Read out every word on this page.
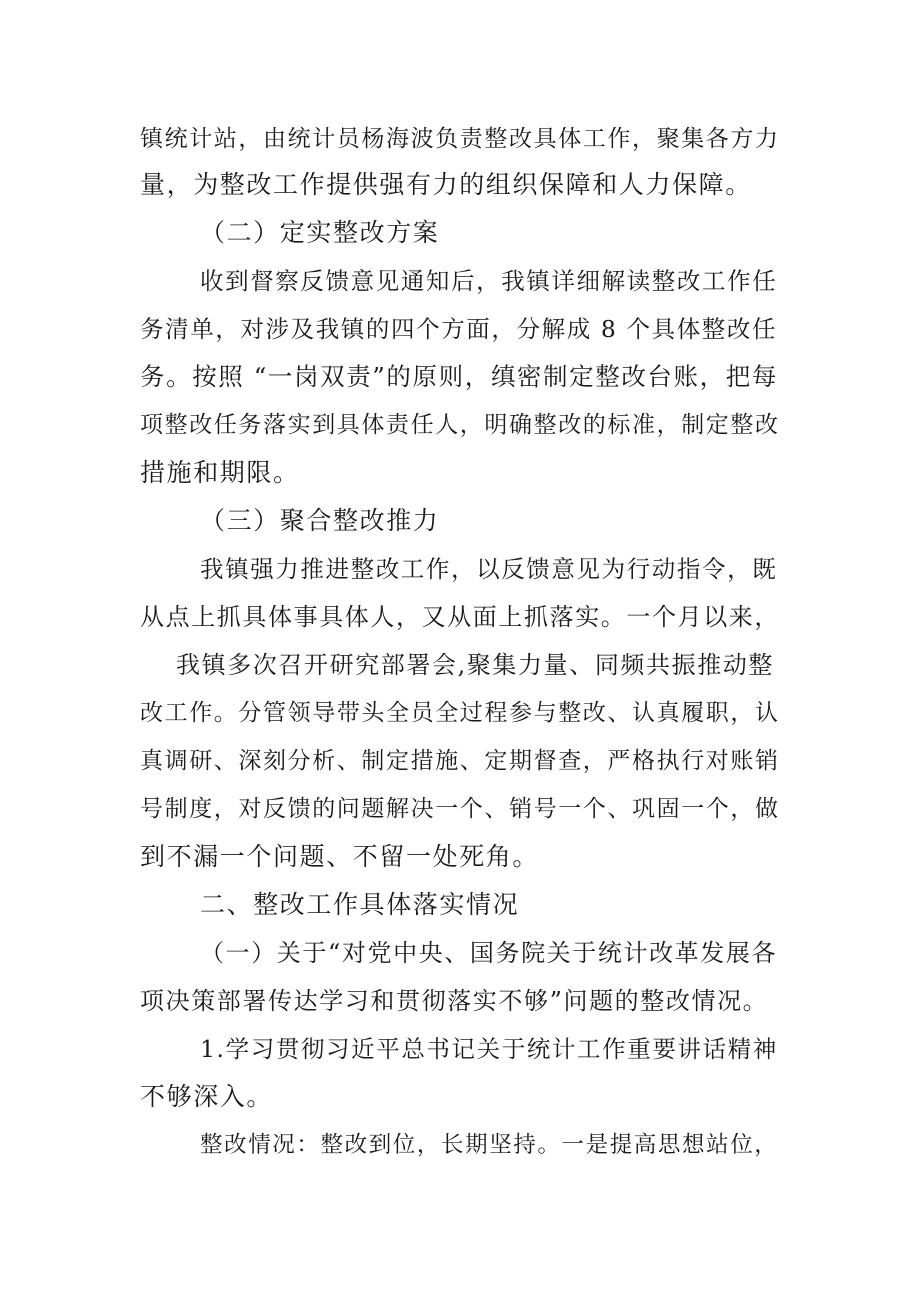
镇统计站，由统计员杨海波负责整改具体工作，聚集各方力
量，为整改工作提供强有力的组织保障和人力保障。
（二）定实整改方案
收到督察反馈意见通知后，我镇详细解读整改工作任
务清单，对涉及我镇的四个方面，分解成 8 个具体整改任
务。按照 “一岗双责”的原则，缜密制定整改台账，把每
项整改任务落实到具体责任人，明确整改的标准，制定整改
措施和期限。
（三）聚合整改推力
我镇强力推进整改工作，以反馈意见为行动指令，既
从点上抓具体事具体人，又从面上抓落实。一个月以来，
我镇多次召开研究部署会,聚集力量、同频共振推动整
改工作。分管领导带头全员全过程参与整改、认真履职，认
真调研、深刻分析、制定措施、定期督查，严格执行对账销
号制度，对反馈的问题解决一个、销号一个、巩固一个，做
到不漏一个问题、不留一处死角。
二、整改工作具体落实情况
（一）关于“对党中央、国务院关于统计改革发展各
项决策部署传达学习和贯彻落实不够”问题的整改情况。
1.学习贯彻习近平总书记关于统计工作重要讲话精神
不够深入。
整改情况：整改到位，长期坚持。一是提高思想站位，
